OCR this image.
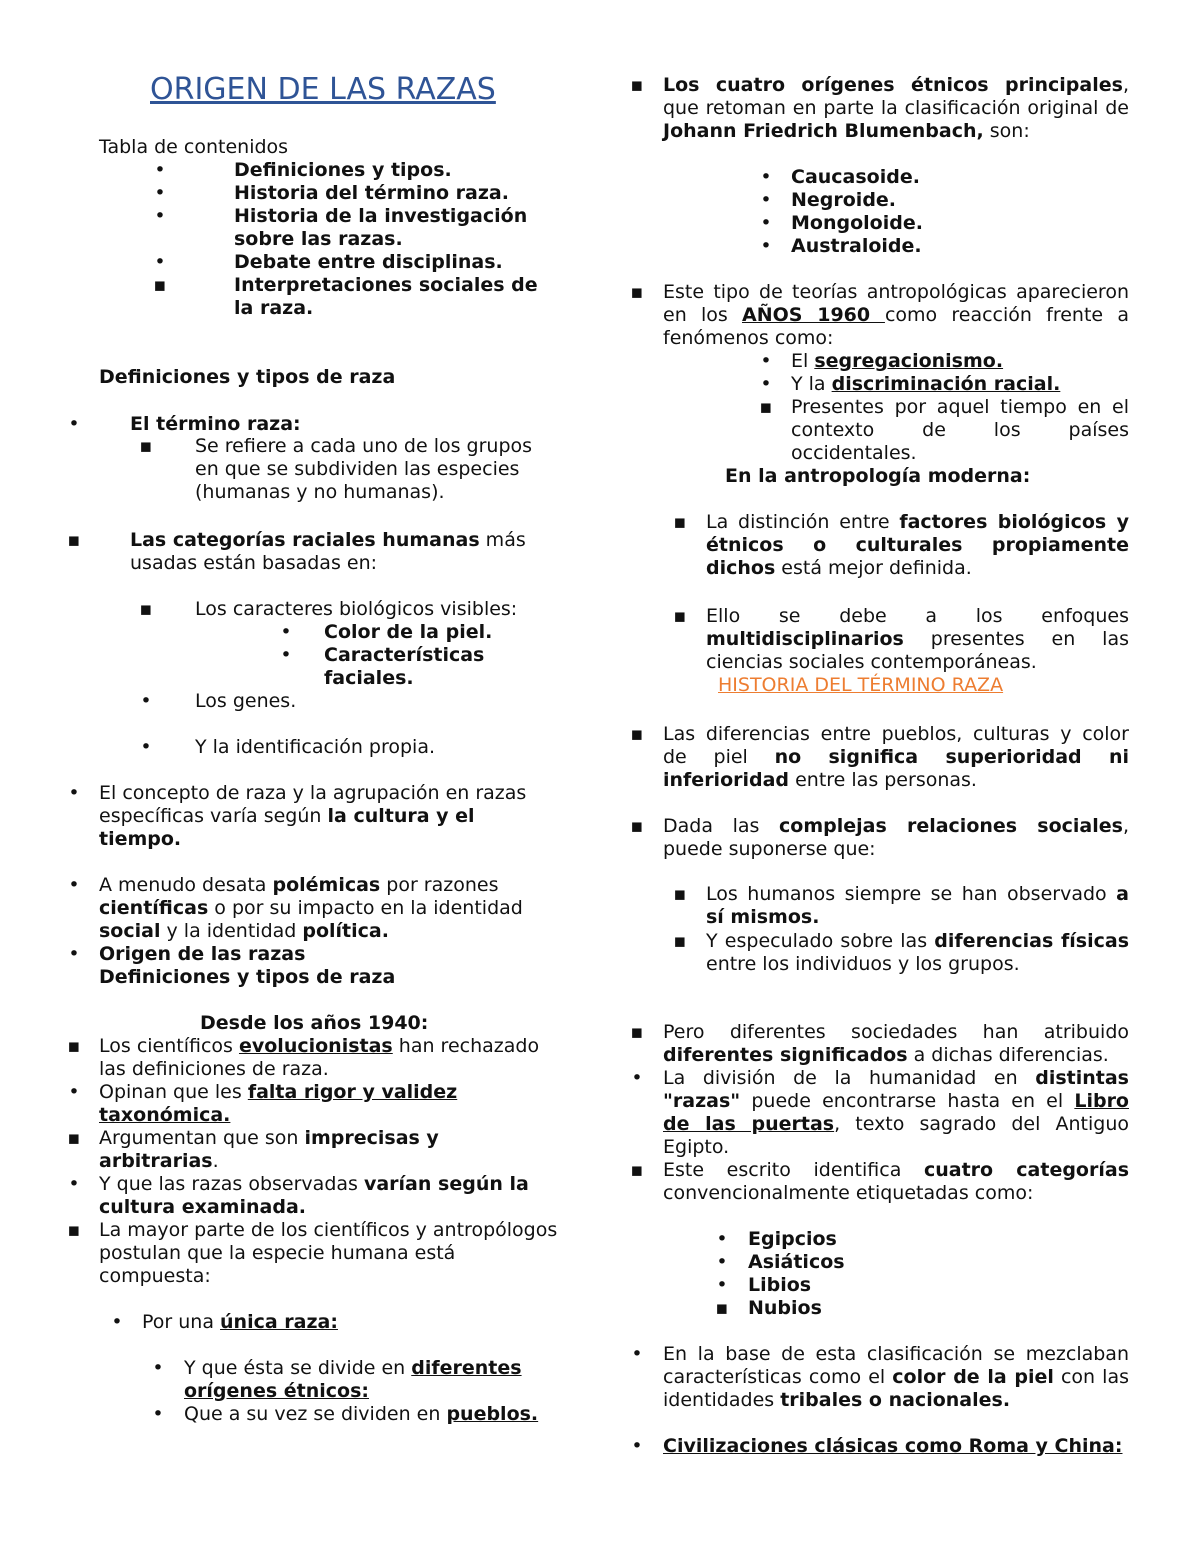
ORIGEN DE LAS RAZAS
Tabla de contenidos
•	Definiciones y tipos.
•	Historia del término raza.
•	Historia de la investigación sobre las razas.
•	Debate entre disciplinas.
▪	Interpretaciones sociales de la raza.
Definiciones y tipos de raza
•	El término raza:
▪ Se refiere a cada uno de los grupos en que se subdividen las especies (humanas y no humanas).
▪	Las categorías raciales humanas más usadas están basadas en:
▪ Los caracteres biológicos visibles:
• Color de la piel.
• Características faciales.
• Los genes.
• Y la identificación propia.
• El concepto de raza y la agrupación en razas específicas varía según la cultura y el tiempo.
• A menudo desata polémicas por razones científicas o por su impacto en la identidad social y la identidad política.
• Origen de las razas
Definiciones y tipos de raza
Desde los años 1940:
▪ Los científicos evolucionistas han rechazado las definiciones de raza.
• Opinan que les falta rigor y validez taxonómica.
▪ Argumentan que son imprecisas y arbitrarias.
• Y que las razas observadas varían según la cultura examinada.
▪ La mayor parte de los científicos y antropólogos postulan que la especie humana está compuesta:
• Por una única raza:
• Y que ésta se divide en diferentes orígenes étnicos:
• Que a su vez se dividen en pueblos.
▪ Los cuatro orígenes étnicos principales, que retoman en parte la clasificación original de Johann Friedrich Blumenbach, son:
• Caucasoide.
• Negroide.
• Mongoloide.
• Australoide.
▪ Este tipo de teorías antropológicas aparecieron en los AÑOS 1960 como reacción frente a fenómenos como:
• El segregacionismo.
• Y la discriminación racial.
▪ Presentes por aquel tiempo en el contexto de los países occidentales.
En la antropología moderna:
▪ La distinción entre factores biológicos y étnicos o culturales propiamente dichos está mejor definida.
▪ Ello se debe a los enfoques multidisciplinarios presentes en las ciencias sociales contemporáneas.
HISTORIA DEL TÉRMINO RAZA
▪ Las diferencias entre pueblos, culturas y color de piel no significa superioridad ni inferioridad entre las personas.
▪ Dada las complejas relaciones sociales, puede suponerse que:
▪ Los humanos siempre se han observado a sí mismos.
▪ Y especulado sobre las diferencias físicas entre los individuos y los grupos.
▪ Pero diferentes sociedades han atribuido diferentes significados a dichas diferencias.
• La división de la humanidad en distintas "razas" puede encontrarse hasta en el Libro de las puertas, texto sagrado del Antiguo Egipto.
▪ Este escrito identifica cuatro categorías convencionalmente etiquetadas como:
• Egipcios
• Asiáticos
• Libios
▪ Nubios
• En la base de esta clasificación se mezclaban características como el color de la piel con las identidades tribales o nacionales.
• Civilizaciones clásicas como Roma y China:
